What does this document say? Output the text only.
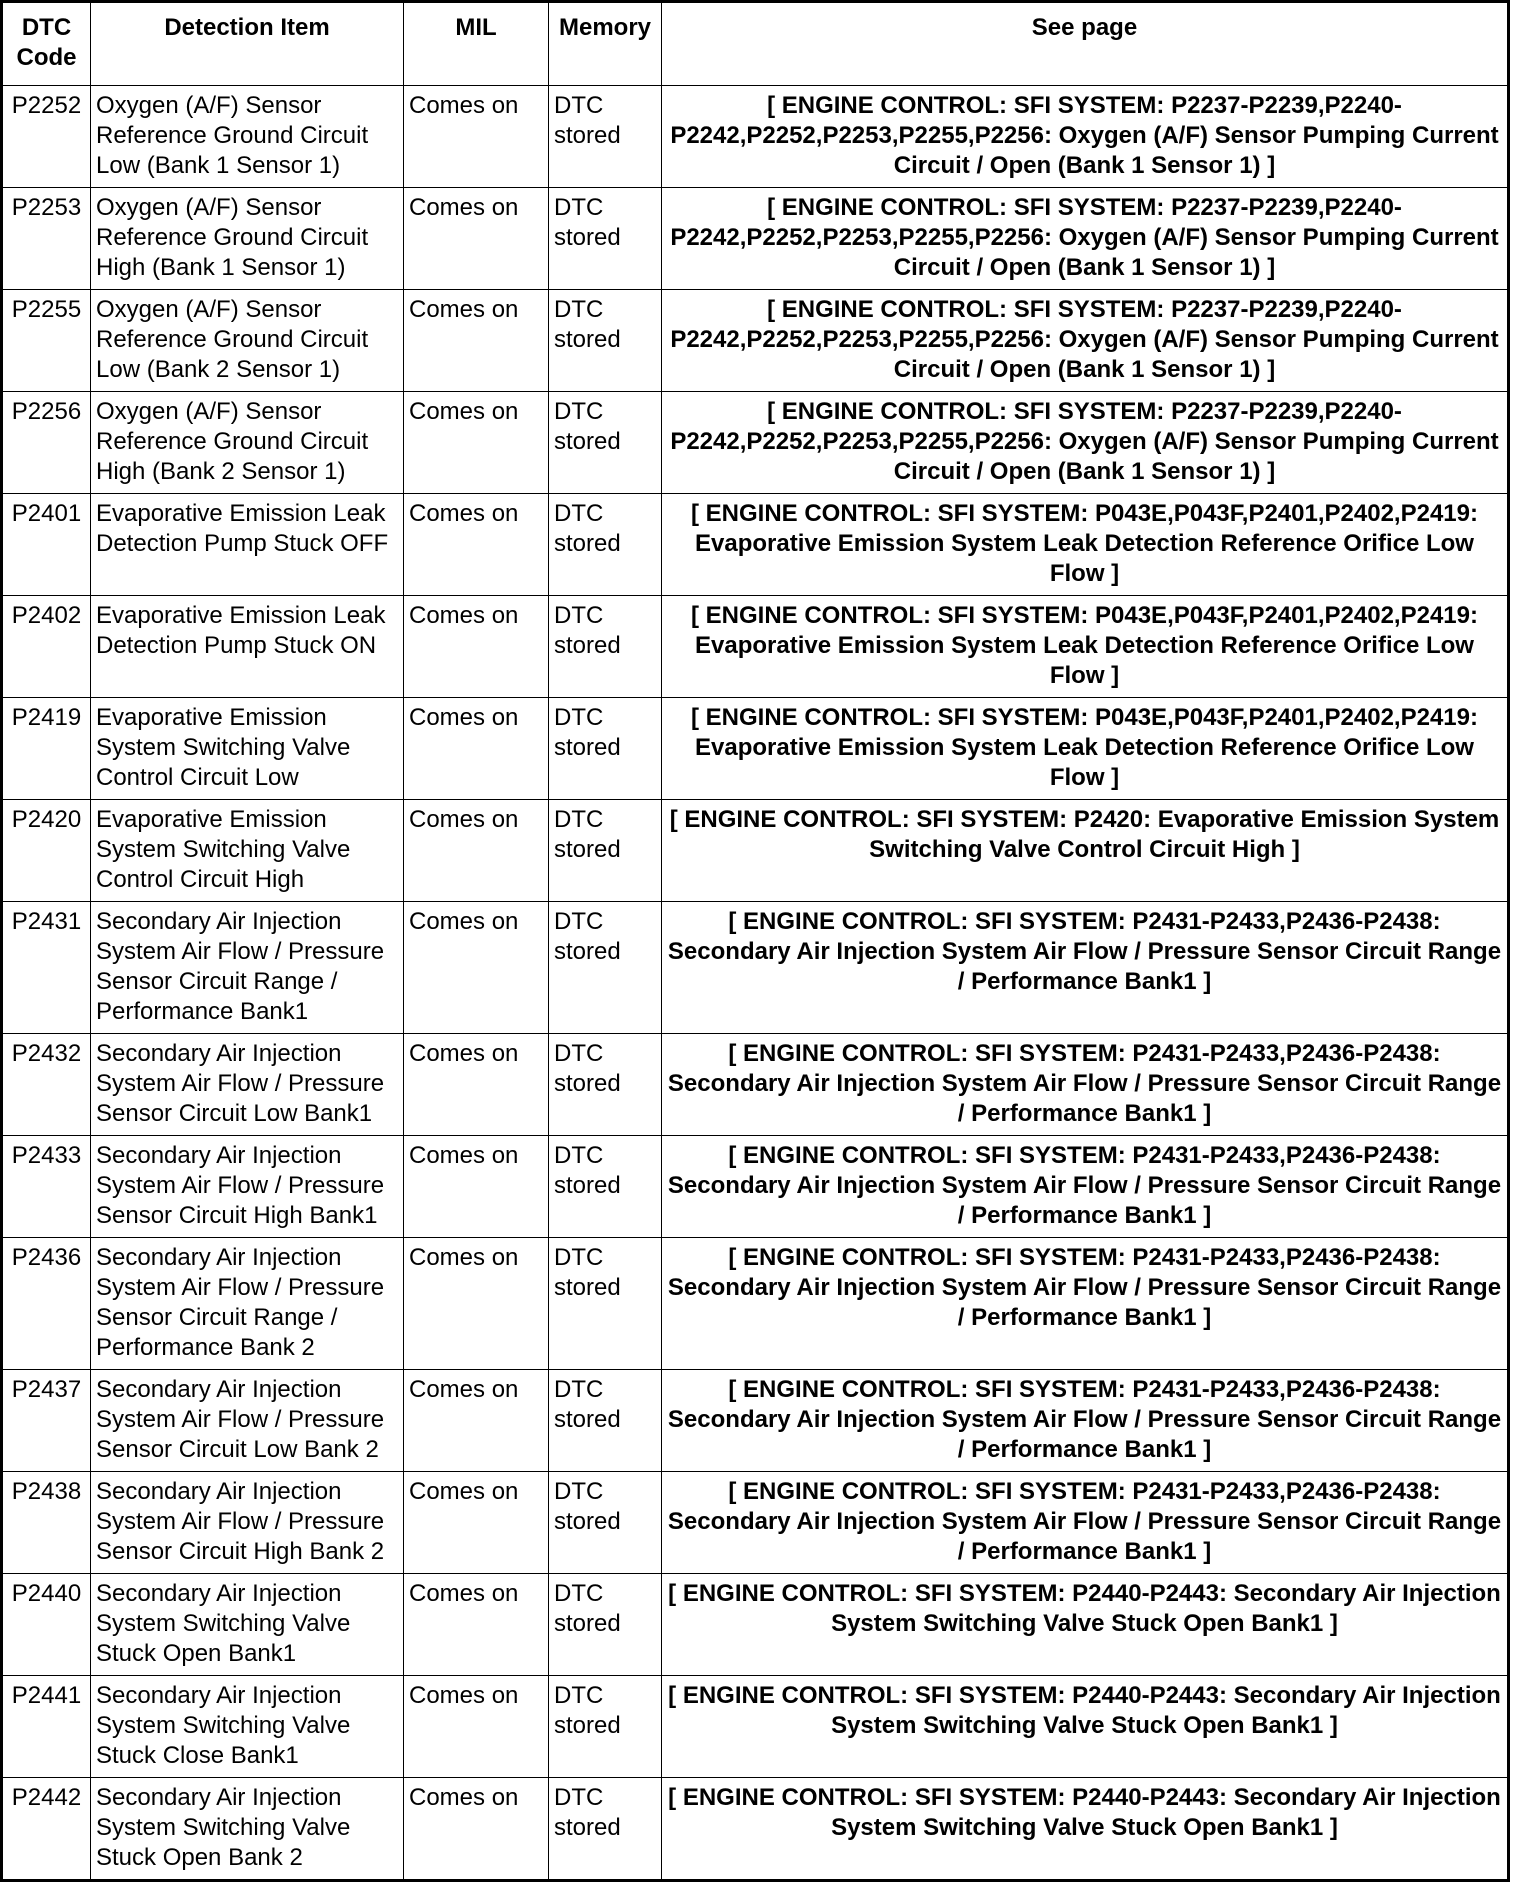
DTC Code	Detection Item	MIL	Memory	See page
P2252	Oxygen (A/F) Sensor Reference Ground Circuit Low (Bank 1 Sensor 1)	Comes on	DTC stored	[ ENGINE CONTROL: SFI SYSTEM: P2237-P2239,P2240-P2242,P2252,P2253,P2255,P2256: Oxygen (A/F) Sensor Pumping Current Circuit / Open (Bank 1 Sensor 1) ]
P2253	Oxygen (A/F) Sensor Reference Ground Circuit High (Bank 1 Sensor 1)	Comes on	DTC stored	[ ENGINE CONTROL: SFI SYSTEM: P2237-P2239,P2240-P2242,P2252,P2253,P2255,P2256: Oxygen (A/F) Sensor Pumping Current Circuit / Open (Bank 1 Sensor 1) ]
P2255	Oxygen (A/F) Sensor Reference Ground Circuit Low (Bank 2 Sensor 1)	Comes on	DTC stored	[ ENGINE CONTROL: SFI SYSTEM: P2237-P2239,P2240-P2242,P2252,P2253,P2255,P2256: Oxygen (A/F) Sensor Pumping Current Circuit / Open (Bank 1 Sensor 1) ]
P2256	Oxygen (A/F) Sensor Reference Ground Circuit High (Bank 2 Sensor 1)	Comes on	DTC stored	[ ENGINE CONTROL: SFI SYSTEM: P2237-P2239,P2240-P2242,P2252,P2253,P2255,P2256: Oxygen (A/F) Sensor Pumping Current Circuit / Open (Bank 1 Sensor 1) ]
P2401	Evaporative Emission Leak Detection Pump Stuck OFF	Comes on	DTC stored	[ ENGINE CONTROL: SFI SYSTEM: P043E,P043F,P2401,P2402,P2419: Evaporative Emission System Leak Detection Reference Orifice Low Flow ]
P2402	Evaporative Emission Leak Detection Pump Stuck ON	Comes on	DTC stored	[ ENGINE CONTROL: SFI SYSTEM: P043E,P043F,P2401,P2402,P2419: Evaporative Emission System Leak Detection Reference Orifice Low Flow ]
P2419	Evaporative Emission System Switching Valve Control Circuit Low	Comes on	DTC stored	[ ENGINE CONTROL: SFI SYSTEM: P043E,P043F,P2401,P2402,P2419: Evaporative Emission System Leak Detection Reference Orifice Low Flow ]
P2420	Evaporative Emission System Switching Valve Control Circuit High	Comes on	DTC stored	[ ENGINE CONTROL: SFI SYSTEM: P2420: Evaporative Emission System Switching Valve Control Circuit High ]
P2431	Secondary Air Injection System Air Flow / Pressure Sensor Circuit Range / Performance Bank1	Comes on	DTC stored	[ ENGINE CONTROL: SFI SYSTEM: P2431-P2433,P2436-P2438: Secondary Air Injection System Air Flow / Pressure Sensor Circuit Range / Performance Bank1 ]
P2432	Secondary Air Injection System Air Flow / Pressure Sensor Circuit Low Bank1	Comes on	DTC stored	[ ENGINE CONTROL: SFI SYSTEM: P2431-P2433,P2436-P2438: Secondary Air Injection System Air Flow / Pressure Sensor Circuit Range / Performance Bank1 ]
P2433	Secondary Air Injection System Air Flow / Pressure Sensor Circuit High Bank1	Comes on	DTC stored	[ ENGINE CONTROL: SFI SYSTEM: P2431-P2433,P2436-P2438: Secondary Air Injection System Air Flow / Pressure Sensor Circuit Range / Performance Bank1 ]
P2436	Secondary Air Injection System Air Flow / Pressure Sensor Circuit Range / Performance Bank 2	Comes on	DTC stored	[ ENGINE CONTROL: SFI SYSTEM: P2431-P2433,P2436-P2438: Secondary Air Injection System Air Flow / Pressure Sensor Circuit Range / Performance Bank1 ]
P2437	Secondary Air Injection System Air Flow / Pressure Sensor Circuit Low Bank 2	Comes on	DTC stored	[ ENGINE CONTROL: SFI SYSTEM: P2431-P2433,P2436-P2438: Secondary Air Injection System Air Flow / Pressure Sensor Circuit Range / Performance Bank1 ]
P2438	Secondary Air Injection System Air Flow / Pressure Sensor Circuit High Bank 2	Comes on	DTC stored	[ ENGINE CONTROL: SFI SYSTEM: P2431-P2433,P2436-P2438: Secondary Air Injection System Air Flow / Pressure Sensor Circuit Range / Performance Bank1 ]
P2440	Secondary Air Injection System Switching Valve Stuck Open Bank1	Comes on	DTC stored	[ ENGINE CONTROL: SFI SYSTEM: P2440-P2443: Secondary Air Injection System Switching Valve Stuck Open Bank1 ]
P2441	Secondary Air Injection System Switching Valve Stuck Close Bank1	Comes on	DTC stored	[ ENGINE CONTROL: SFI SYSTEM: P2440-P2443: Secondary Air Injection System Switching Valve Stuck Open Bank1 ]
P2442	Secondary Air Injection System Switching Valve Stuck Open Bank 2	Comes on	DTC stored	[ ENGINE CONTROL: SFI SYSTEM: P2440-P2443: Secondary Air Injection System Switching Valve Stuck Open Bank1 ]
